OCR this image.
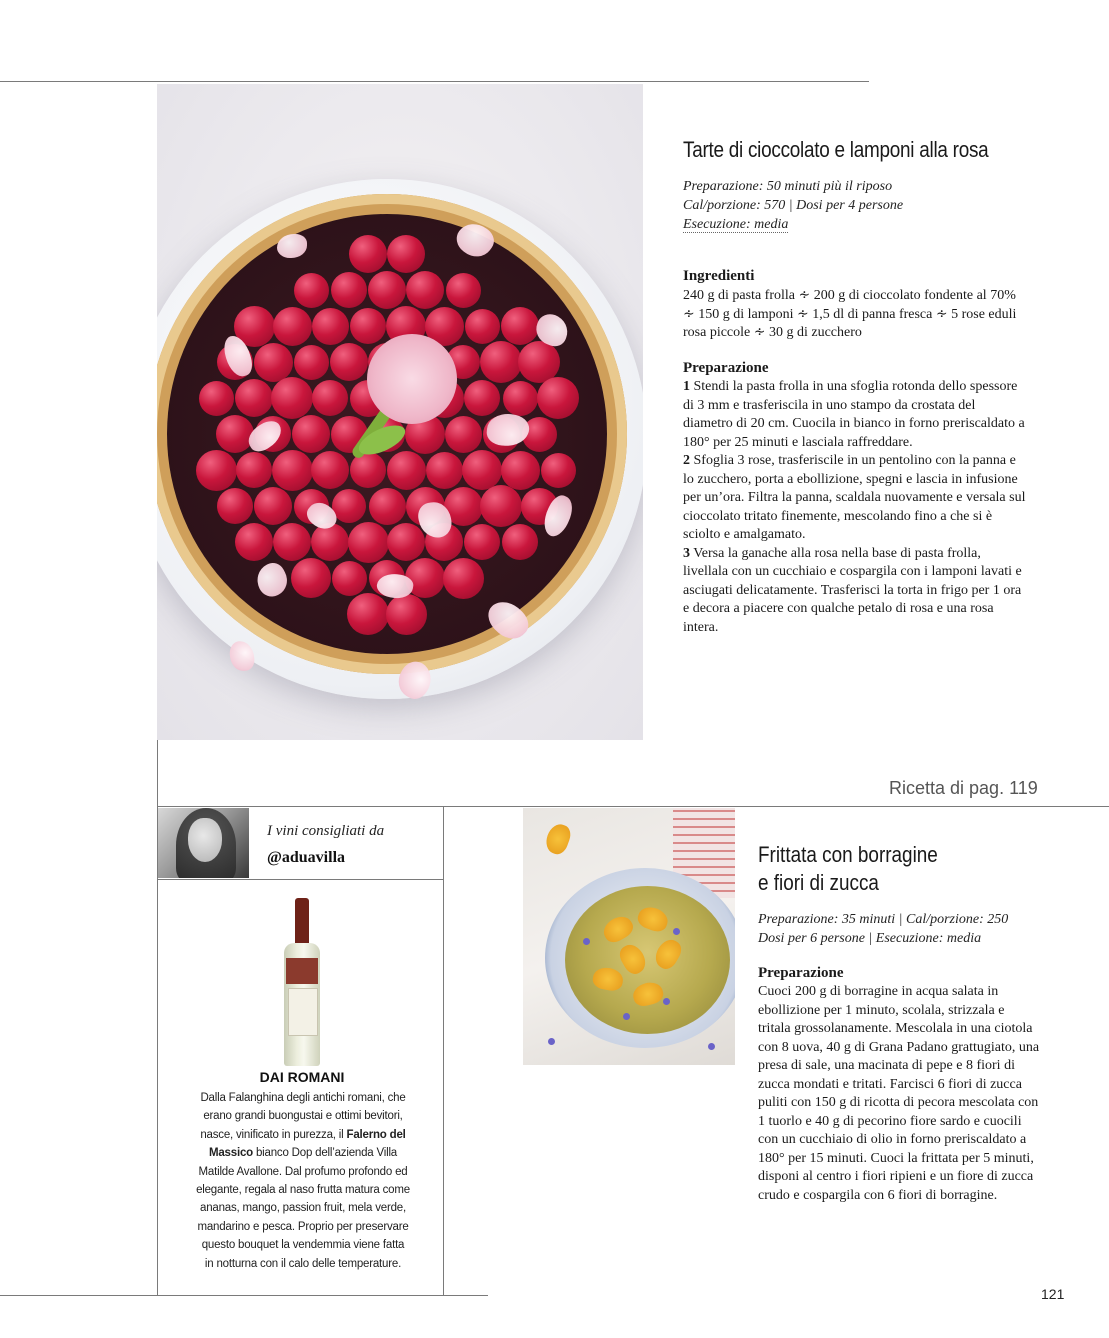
Tarte di cioccolato e lamponi alla rosa
Preparazione: 50 minuti più il riposo
Cal/porzione: 570 | Dosi per 4 persone
Esecuzione: media
Ingredienti
240 g di pasta frolla ∻ 200 g di cioccolato fondente al 70% ∻ 150 g di lamponi ∻ 1,5 dl di panna fresca ∻ 5 rose eduli rosa piccole ∻ 30 g di zucchero
Preparazione

1 Stendi la pasta frolla in una sfoglia rotonda dello spessore di 3 mm e trasferiscila in uno stampo da crostata del diametro di 20 cm. Cuocila in bianco in forno preriscaldato a 180° per 25 minuti e lasciala raffreddare.

2 Sfoglia 3 rose, trasferiscile in un pentolino con la panna e lo zucchero, porta a ebollizione, spegni e lascia in infusione per un’ora. Filtra la panna, scaldala nuovamente e versala sul cioccolato tritato finemente, mescolando fino a che si è sciolto e amalgamato.

3 Versa la ganache alla rosa nella base di pasta frolla, livellala con un cucchiaio e cospargila con i lamponi lavati e asciugati delicatamente. Trasferisci la torta in frigo per 1 ora e decora a piacere con qualche petalo di rosa e una rosa intera.

Ricetta di pag. 119
I vini consigliati da
@aduavilla
DAI ROMANI
Dalla Falanghina degli antichi romani, che erano grandi buongustai e ottimi bevitori, nasce, vinificato in purezza, il Falerno del Massico bianco Dop dell’azienda Villa Matilde Avallone. Dal profumo profondo ed elegante, regala al naso frutta matura come ananas, mango, passion fruit, mela verde, mandarino e pesca. Proprio per preservare questo bouquet la vendemmia viene fatta in notturna con il calo delle temperature.
Frittata con borragine
e fiori di zucca
Preparazione: 35 minuti | Cal/porzione: 250
Dosi per 6 persone | Esecuzione: media
Preparazione
Cuoci 200 g di borragine in acqua salata in ebollizione per 1 minuto, scolala, strizzala e tritala grossolanamente. Mescolala in una ciotola con 8 uova, 40 g di Grana Padano grattugiato, una presa di sale, una macinata di pepe e 8 fiori di zucca mondati e tritati. Farcisci 6 fiori di zucca puliti con 150 g di ricotta di pecora mescolata con 1 tuorlo e 40 g di pecorino fiore sardo e cuocili con un cucchiaio di olio in forno preriscaldato a 180° per 15 minuti. Cuoci la frittata per 5 minuti, disponi al centro i fiori ripieni e un fiore di zucca crudo e cospargila con 6 fiori di borragine.
121
